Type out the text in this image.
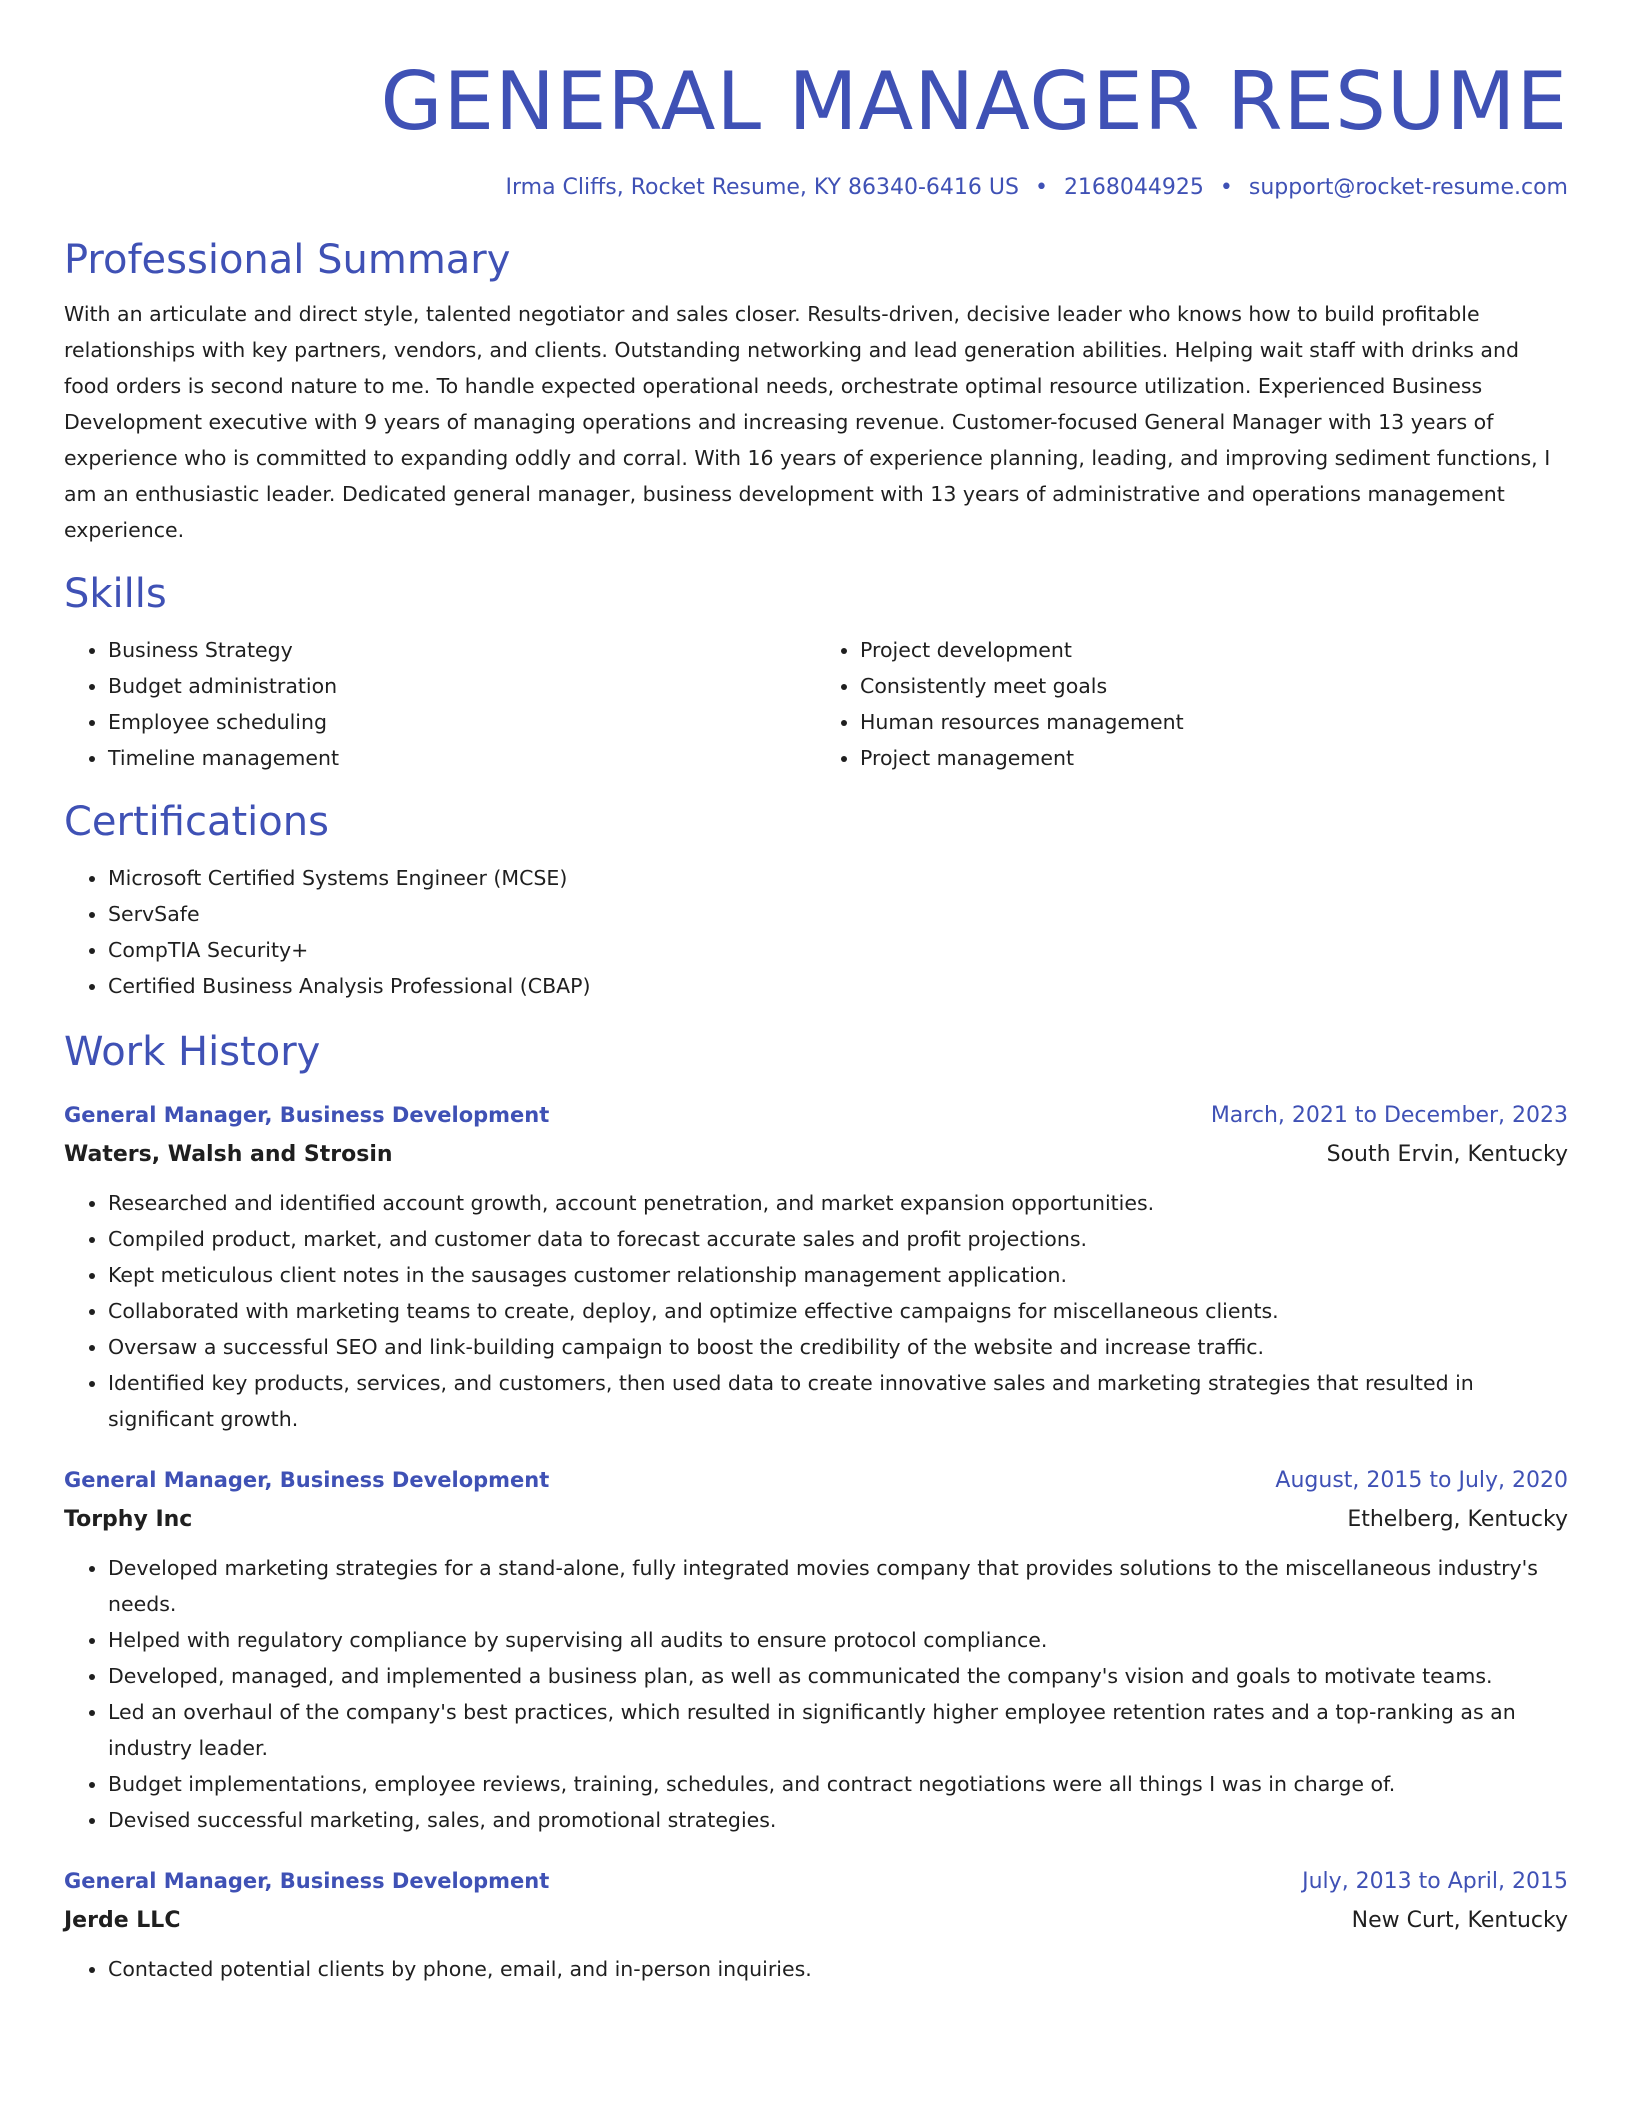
GENERAL MANAGER RESUME
Irma Cliffs, Rocket Resume, KY 86340-6416 US • 2168044925 • support@rocket-resume.com
Professional Summary
With an articulate and direct style, talented negotiator and sales closer. Results-driven, decisive leader who knows how to build profitable relationships with key partners, vendors, and clients. Outstanding networking and lead generation abilities. Helping wait staff with drinks and food orders is second nature to me. To handle expected operational needs, orchestrate optimal resource utilization. Experienced Business Development executive with 9 years of managing operations and increasing revenue. Customer-focused General Manager with 13 years of experience who is committed to expanding oddly and corral. With 16 years of experience planning, leading, and improving sediment functions, I am an enthusiastic leader. Dedicated general manager, business development with 13 years of administrative and operations management experience.
Skills
• Business Strategy
• Budget administration
• Employee scheduling
• Timeline management
• Project development
• Consistently meet goals
• Human resources management
• Project management
Certifications
• Microsoft Certified Systems Engineer (MCSE)
• ServSafe
• CompTIA Security+
• Certified Business Analysis Professional (CBAP)
Work History
General Manager, Business Development	March, 2021 to December, 2023
Waters, Walsh and Strosin	South Ervin, Kentucky
• Researched and identified account growth, account penetration, and market expansion opportunities.
• Compiled product, market, and customer data to forecast accurate sales and profit projections.
• Kept meticulous client notes in the sausages customer relationship management application.
• Collaborated with marketing teams to create, deploy, and optimize effective campaigns for miscellaneous clients.
• Oversaw a successful SEO and link-building campaign to boost the credibility of the website and increase traffic.
• Identified key products, services, and customers, then used data to create innovative sales and marketing strategies that resulted in significant growth.
General Manager, Business Development	August, 2015 to July, 2020
Torphy Inc	Ethelberg, Kentucky
• Developed marketing strategies for a stand-alone, fully integrated movies company that provides solutions to the miscellaneous industry's needs.
• Helped with regulatory compliance by supervising all audits to ensure protocol compliance.
• Developed, managed, and implemented a business plan, as well as communicated the company's vision and goals to motivate teams.
• Led an overhaul of the company's best practices, which resulted in significantly higher employee retention rates and a top-ranking as an industry leader.
• Budget implementations, employee reviews, training, schedules, and contract negotiations were all things I was in charge of.
• Devised successful marketing, sales, and promotional strategies.
General Manager, Business Development	July, 2013 to April, 2015
Jerde LLC	New Curt, Kentucky
• Contacted potential clients by phone, email, and in-person inquiries.
